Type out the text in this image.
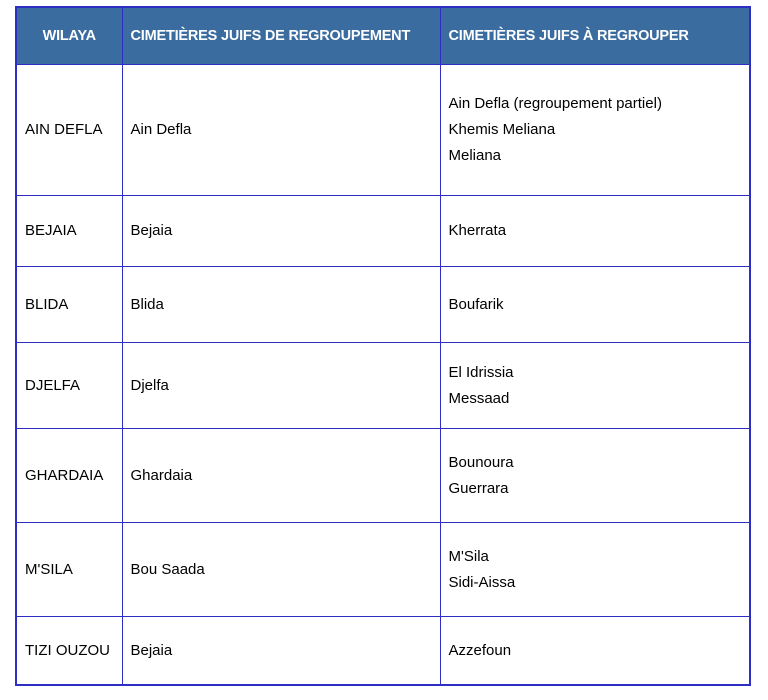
WILAYA	CIMETIÈRES JUIFS DE REGROUPEMENT	CIMETIÈRES JUIFS À REGROUPER
AIN DEFLA	Ain Defla	Ain Defla (regroupement partiel)
Khemis Meliana
Meliana

BEJAIA	Bejaia	Kherrata

BLIDA	Blida	Boufarik

DJELFA	Djelfa	El Idrissia
Messaad

GHARDAIA	Ghardaia	Bounoura
Guerrara

M'SILA	Bou Saada	M'Sila
Sidi-Aissa

TIZI OUZOU	Bejaia	Azzefoun
